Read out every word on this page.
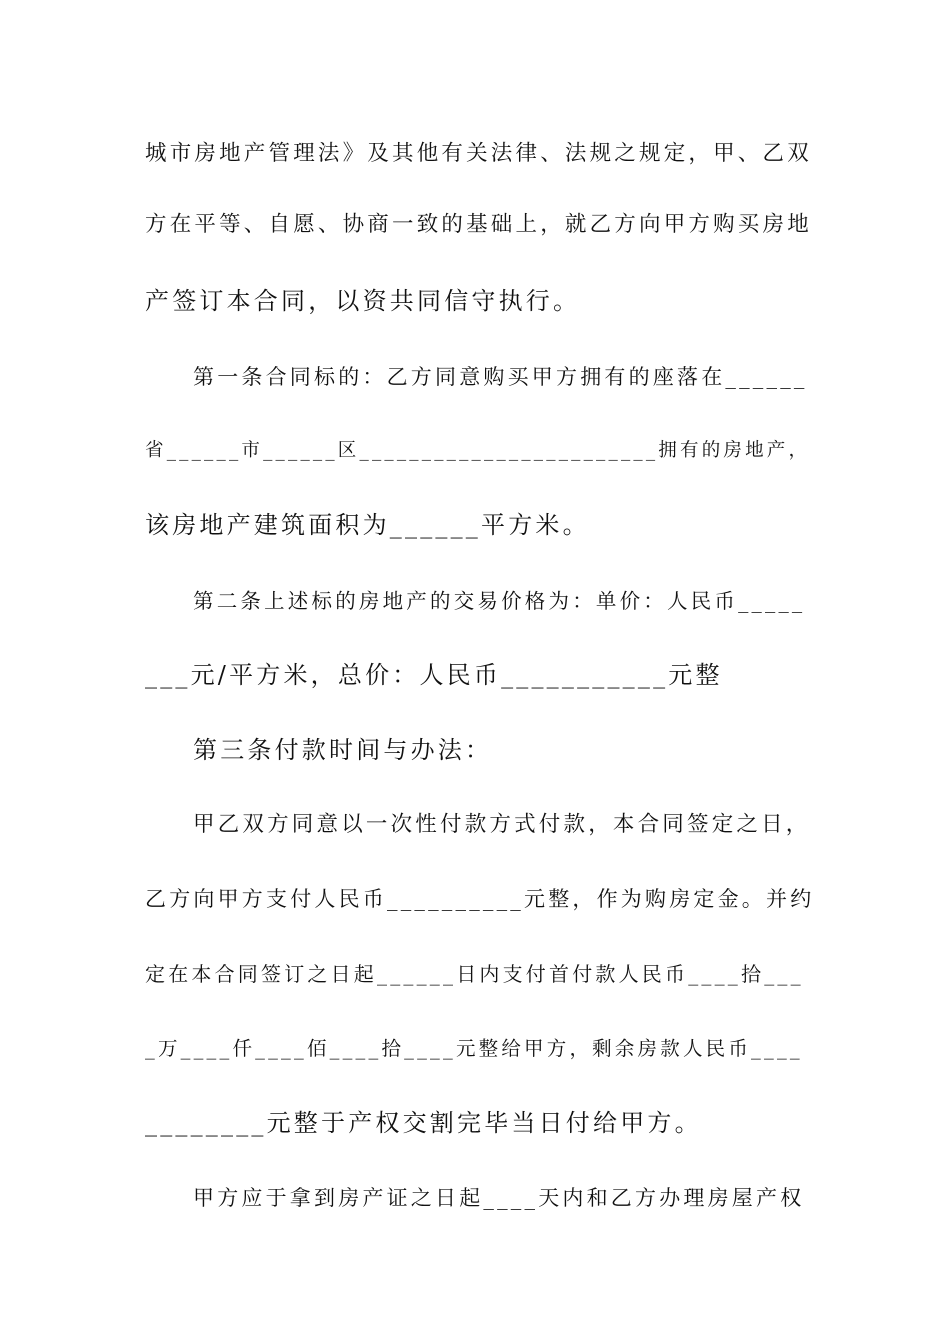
城市房地产管理法》及其他有关法律、法规之规定，甲、乙双
方在平等、自愿、协商一致的基础上，就乙方向甲方购买房地
产签订本合同，以资共同信守执行。
第一条合同标的：乙方同意购买甲方拥有的座落在______
省______市______区________________________拥有的房地产，
该房地产建筑面积为______平方米。
第二条上述标的房地产的交易价格为：单价：人民币_____
___元/平方米，总价：人民币___________元整
第三条付款时间与办法：
甲乙双方同意以一次性付款方式付款，本合同签定之日，
乙方向甲方支付人民币__________元整，作为购房定金。并约
定在本合同签订之日起______日内支付首付款人民币____拾___
_万____仟____佰____拾____元整给甲方，剩余房款人民币____
________元整于产权交割完毕当日付给甲方。
甲方应于拿到房产证之日起____天内和乙方办理房屋产权
